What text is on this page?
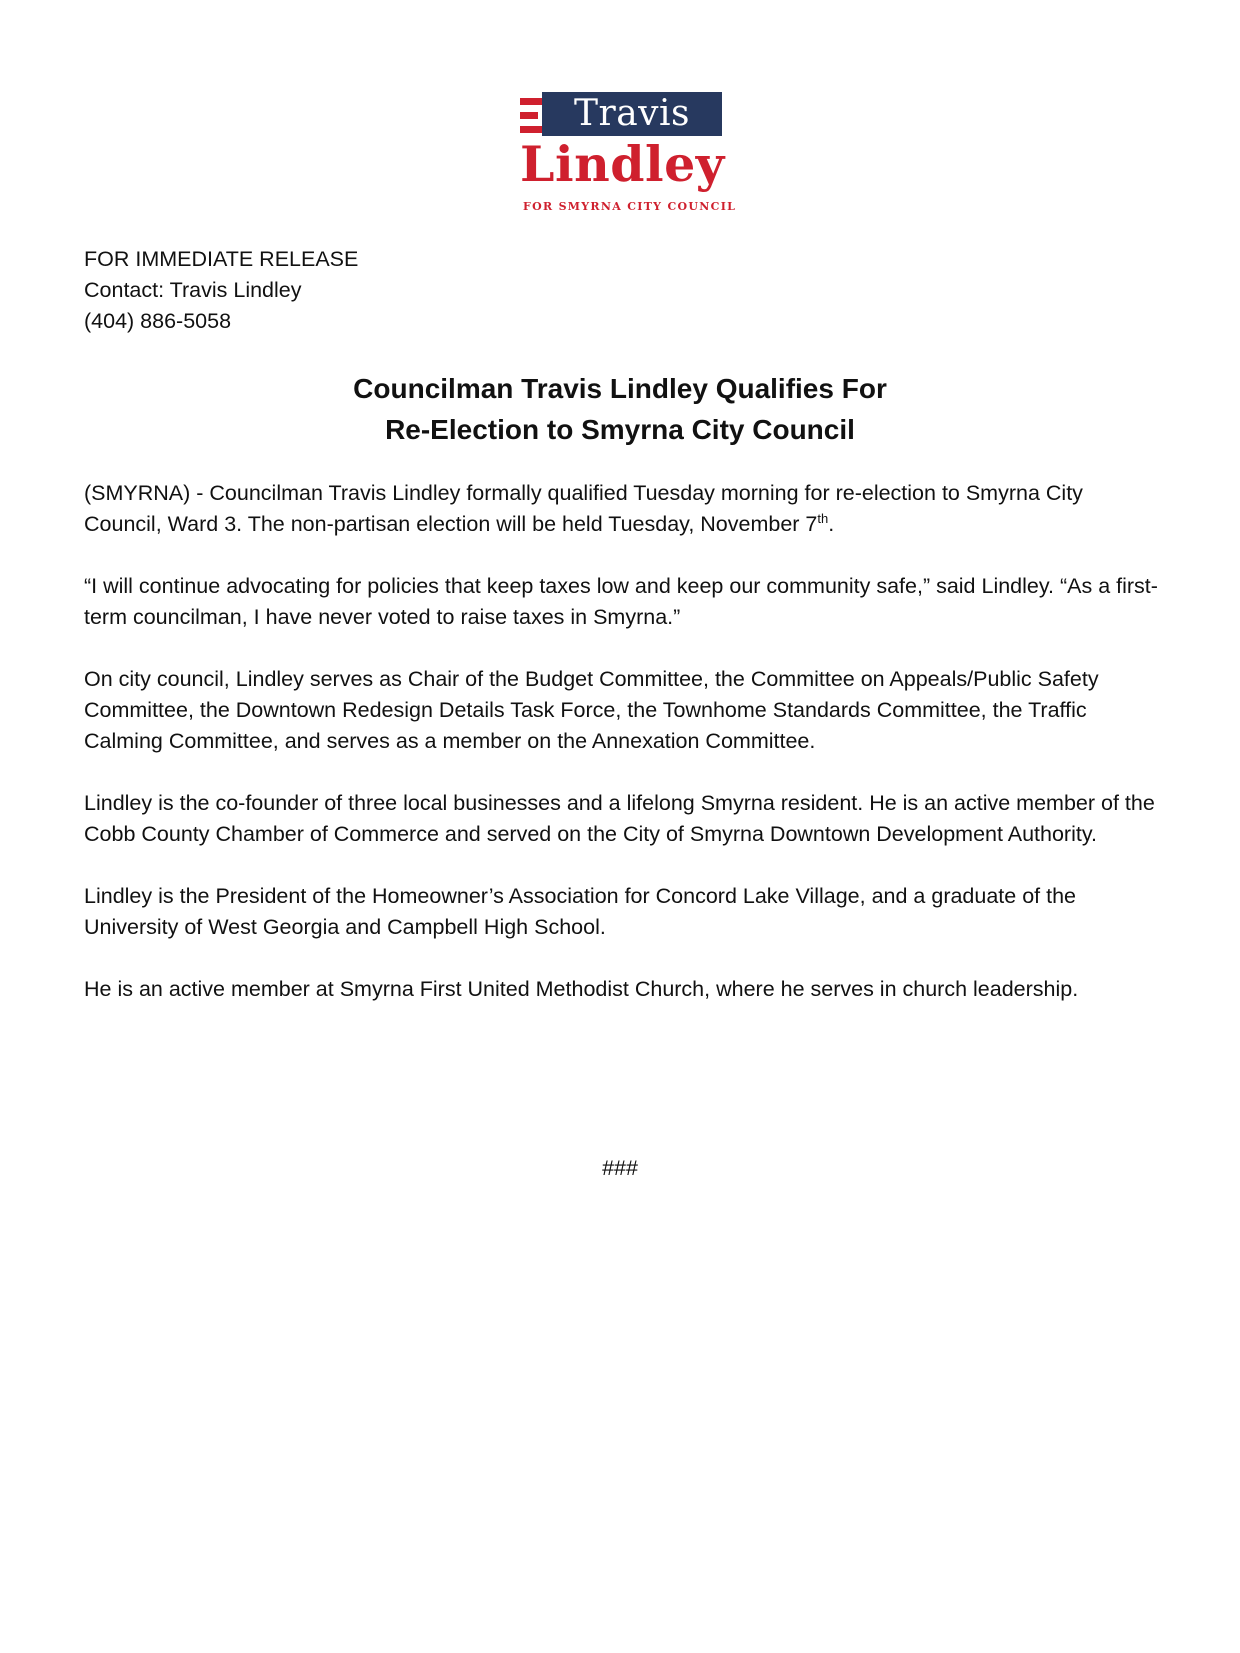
Travis
Lindley
FOR SMYRNA CITY COUNCIL
FOR IMMEDIATE RELEASE
Contact: Travis Lindley
(404) 886-5058
Councilman Travis Lindley Qualifies For
Re-Election to Smyrna City Council

(SMYRNA) - Councilman Travis Lindley formally qualified Tuesday morning for re-election to Smyrna City Council, Ward 3. The non-partisan election will be held Tuesday, November 7th.

“I will continue advocating for policies that keep taxes low and keep our community safe,” said Lindley. “As a first-term councilman, I have never voted to raise taxes in Smyrna.”

On city council, Lindley serves as Chair of the Budget Committee, the Committee on Appeals/Public Safety Committee, the Downtown Redesign Details Task Force, the Townhome Standards Committee, the Traffic Calming Committee, and serves as a member on the Annexation Committee.

Lindley is the co-founder of three local businesses and a lifelong Smyrna resident. He is an active member of the Cobb County Chamber of Commerce and served on the City of Smyrna Downtown Development Authority.

Lindley is the President of the Homeowner’s Association for Concord Lake Village, and a graduate of the University of West Georgia and Campbell High School.

He is an active member at Smyrna First United Methodist Church, where he serves in church leadership.

###
